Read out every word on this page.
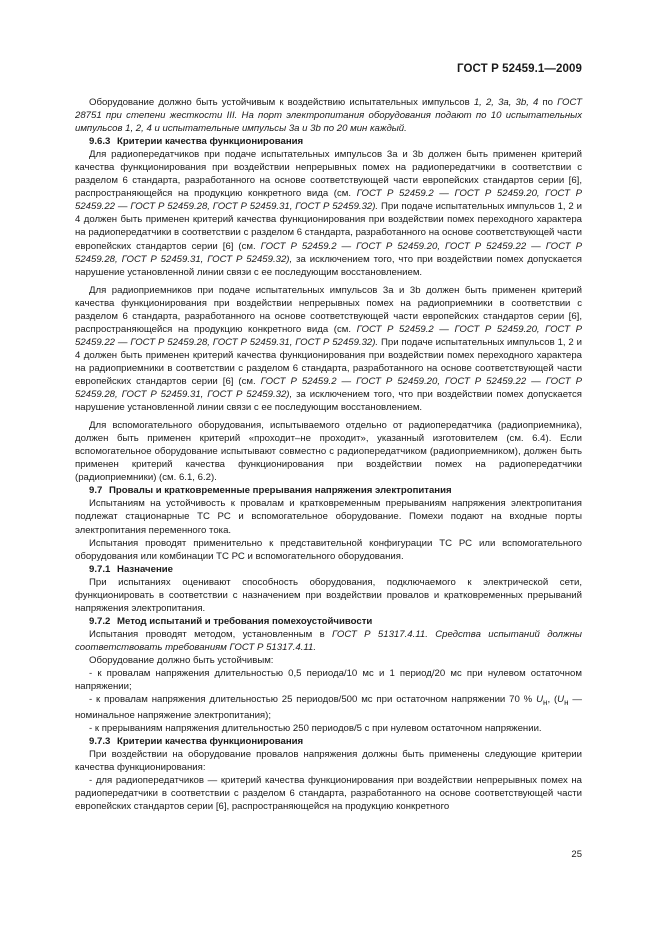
ГОСТ Р 52459.1—2009

Оборудование должно быть устойчивым к воздействию испытательных импульсов 1, 2, 3а, 3b, 4 по ГОСТ 28751 при степени жесткости III. На порт электропитания оборудования подают по 10 испытательных импульсов 1, 2, 4 и испытательные импульсы 3а и 3b по 20 мин каждый.

9.6.3 Критерии качества функционирования

Для радиопередатчиков при подаче испытательных импульсов 3а и 3b должен быть применен критерий качества функционирования при воздействии непрерывных помех на радиопередатчики в соответствии с разделом 6 стандарта, разработанного на основе соответствующей части европейских стандартов серии [6], распространяющейся на продукцию конкретного вида (см. ГОСТ Р 52459.2 — ГОСТ Р 52459.20, ГОСТ Р 52459.22 — ГОСТ Р 52459.28, ГОСТ Р 52459.31, ГОСТ Р 52459.32). При подаче испытательных импульсов 1, 2 и 4 должен быть применен критерий качества функционирования при воздействии помех переходного характера на радиопередатчики в соответствии с разделом 6 стандарта, разработанного на основе соответствующей части европейских стандартов серии [6] (см. ГОСТ Р 52459.2 — ГОСТ Р 52459.20, ГОСТ Р 52459.22 — ГОСТ Р 52459.28, ГОСТ Р 52459.31, ГОСТ Р 52459.32), за исключением того, что при воздействии помех допускается нарушение установленной линии связи с ее последующим восстановлением.

Для радиоприемников при подаче испытательных импульсов 3а и 3b должен быть применен критерий качества функционирования при воздействии непрерывных помех на радиоприемники в соответствии с разделом 6 стандарта, разработанного на основе соответствующей части европейских стандартов серии [6], распространяющейся на продукцию конкретного вида (см. ГОСТ Р 52459.2 — ГОСТ Р 52459.20, ГОСТ Р 52459.22 — ГОСТ Р 52459.28, ГОСТ Р 52459.31, ГОСТ Р 52459.32). При подаче испытательных импульсов 1, 2 и 4 должен быть применен критерий качества функционирования при воздействии помех переходного характера на радиоприемники в соответствии с разделом 6 стандарта, разработанного на основе соответствующей части европейских стандартов серии [6] (см. ГОСТ Р 52459.2 — ГОСТ Р 52459.20, ГОСТ Р 52459.22 — ГОСТ Р 52459.28, ГОСТ Р 52459.31, ГОСТ Р 52459.32), за исключением того, что при воздействии помех допускается нарушение установленной линии связи с ее последующим восстановлением.

Для вспомогательного оборудования, испытываемого отдельно от радиопередатчика (радиоприемника), должен быть применен критерий «проходит–не проходит», указанный изготовителем (см. 6.4). Если вспомогательное оборудование испытывают совместно с радиопередатчиком (радиоприемником), должен быть применен критерий качества функционирования при воздействии помех на радиопередатчики (радиоприемники) (см. 6.1, 6.2).

9.7 Провалы и кратковременные прерывания напряжения электропитания

Испытаниям на устойчивость к провалам и кратковременным прерываниям напряжения электропитания подлежат стационарные ТС РС и вспомогательное оборудование. Помехи подают на входные порты электропитания переменного тока.

Испытания проводят применительно к представительной конфигурации ТС РС или вспомогательного оборудования или комбинации ТС РС и вспомогательного оборудования.

9.7.1 Назначение

При испытаниях оценивают способность оборудования, подключаемого к электрической сети, функционировать в соответствии с назначением при воздействии провалов и кратковременных прерываний напряжения электропитания.

9.7.2 Метод испытаний и требования помехоустойчивости

Испытания проводят методом, установленным в ГОСТ Р 51317.4.11. Средства испытаний должны соответствовать требованиям ГОСТ Р 51317.4.11.

Оборудование должно быть устойчивым:

- к провалам напряжения длительностью 0,5 периода/10 мс и 1 период/20 мс при нулевом остаточном напряжении;

- к провалам напряжения длительностью 25 периодов/500 мс при остаточном напряжении 70 % $U_н$, ($U_н$ — номинальное напряжение электропитания);

- к прерываниям напряжения длительностью 250 периодов/5 с при нулевом остаточном напряжении.

9.7.3 Критерии качества функционирования

При воздействии на оборудование провалов напряжения должны быть применены следующие критерии качества функционирования:

- для радиопередатчиков — критерий качества функционирования при воздействии непрерывных помех на радиопередатчики в соответствии с разделом 6 стандарта, разработанного на основе соответствующей части европейских стандартов серии [6], распространяющейся на продукцию конкретного

25
